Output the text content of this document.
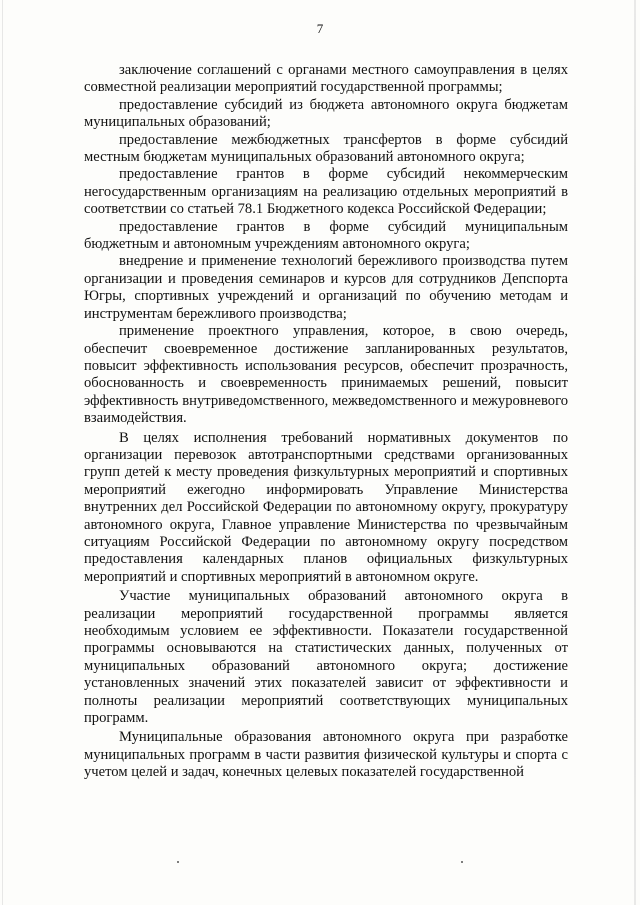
7

заключение соглашений с органами местного самоуправления в целях совместной реализации мероприятий государственной программы;

предоставление субсидий из бюджета автономного округа бюджетам муниципальных образований;

предоставление межбюджетных трансфертов в форме субсидий местным бюджетам муниципальных образований автономного округа;

предоставление грантов в форме субсидий некоммерческим негосударственным организациям на реализацию отдельных мероприятий в соответствии со статьей 78.1 Бюджетного кодекса Российской Федерации;

предоставление грантов в форме субсидий муниципальным бюджетным и автономным учреждениям автономного округа;

внедрение и применение технологий бережливого производства путем организации и проведения семинаров и курсов для сотрудников Депспорта Югры, спортивных учреждений и организаций по обучению методам и инструментам бережливого производства;

применение проектного управления, которое, в свою очередь, обеспечит своевременное достижение запланированных результатов, повысит эффективность использования ресурсов, обеспечит прозрачность, обоснованность и своевременность принимаемых решений, повысит эффективность внутриведомственного, межведомственного и межуровневого взаимодействия.

В целях исполнения требований нормативных документов по организации перевозок автотранспортными средствами организованных групп детей к месту проведения физкультурных мероприятий и спортивных мероприятий ежегодно информировать Управление Министерства внутренних дел Российской Федерации по автономному округу, прокуратуру автономного округа, Главное управление Министерства по чрезвычайным ситуациям Российской Федерации по автономному округу посредством предоставления календарных планов официальных физкультурных мероприятий и спортивных мероприятий в автономном округе.

Участие муниципальных образований автономного округа в реализации мероприятий государственной программы является необходимым условием ее эффективности. Показатели государственной программы основываются на статистических данных, полученных от муниципальных образований автономного округа; достижение установленных значений этих показателей зависит от эффективности и полноты реализации мероприятий соответствующих муниципальных программ.

Муниципальные образования автономного округа при разработке муниципальных программ в части развития физической культуры и спорта с учетом целей и задач, конечных целевых показателей государственной
